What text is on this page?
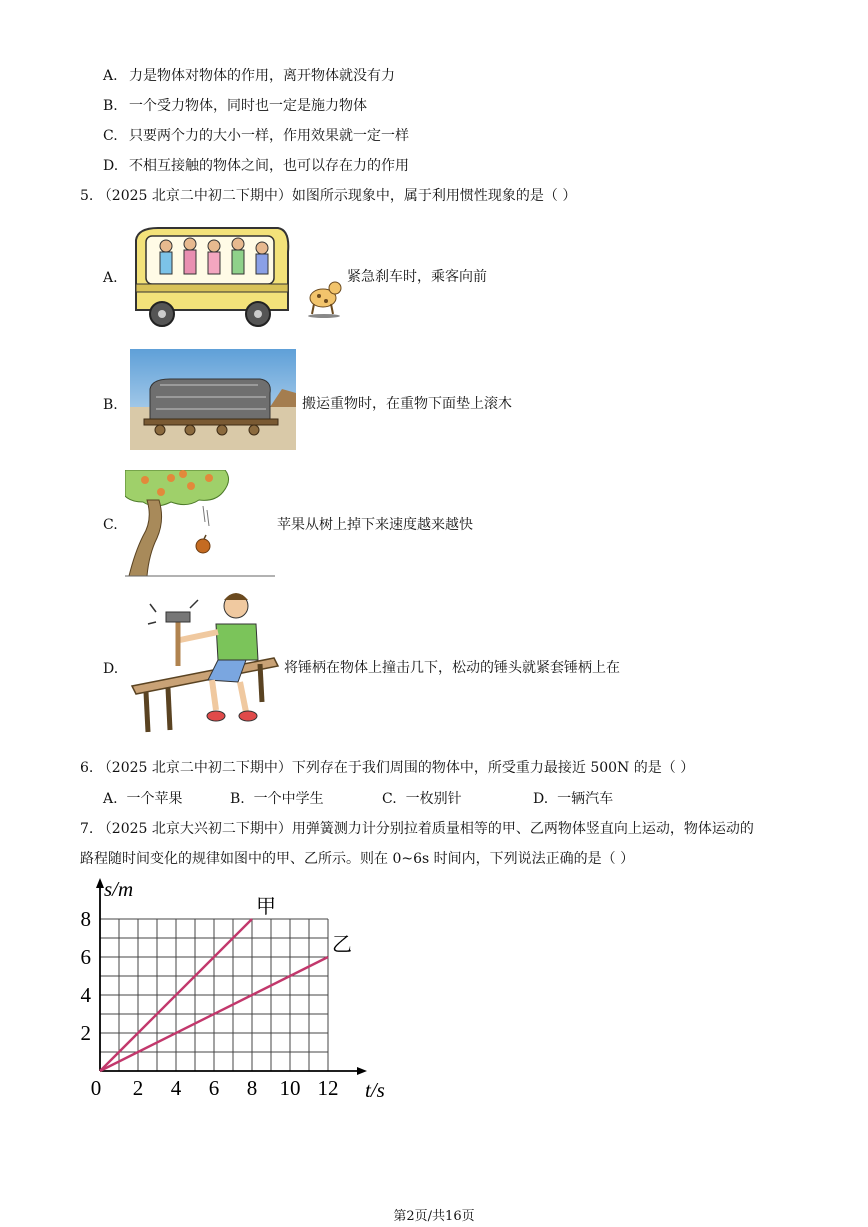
A. 力是物体对物体的作用，离开物体就没有力
B. 一个受力物体，同时也一定是施力物体
C. 只要两个力的大小一样，作用效果就一定一样
D. 不相互接触的物体之间，也可以存在力的作用
5. （2025 北京二中初二下期中）如图所示现象中，属于利用惯性现象的是（ ）
A.	紧急刹车时，乘客向前
B.	搬运重物时，在重物下面垫上滚木
C.	苹果从树上掉下来速度越来越快
D.	将锤柄在物体上撞击几下，松动的锤头就紧套锤柄上在
6. （2025 北京二中初二下期中）下列存在于我们周围的物体中，所受重力最接近 500N 的是（ ）
A. 一个苹果	B. 一个中学生	C. 一枚别针	D. 一辆汽车
7. （2025 北京大兴初二下期中）用弹簧测力计分别拉着质量相等的甲、乙两物体竖直向上运动，物体运动的
路程随时间变化的规律如图中的甲、乙所示。则在 0~6s 时间内，下列说法正确的是（ ）
0 2 4 6 8 10 12
2
4
6
8
t/s
s/m
甲
乙
第2页/共16页
